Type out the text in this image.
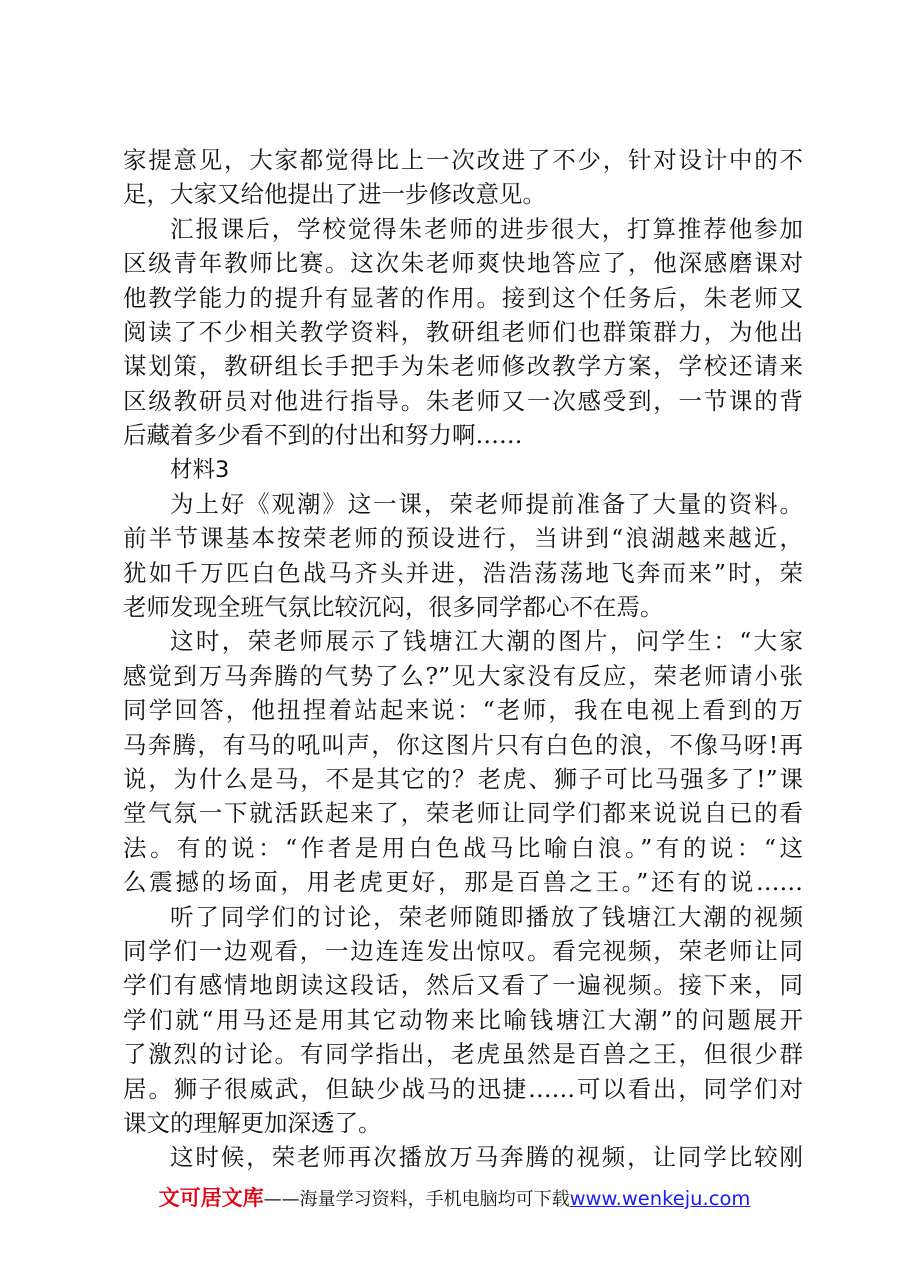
家提意见，大家都觉得比上一次改进了不少，针对设计中的不
足，大家又给他提出了进一步修改意见。
汇报课后，学校觉得朱老师的进步很大，打算推荐他参加
区级青年教师比赛。这次朱老师爽快地答应了，他深感磨课对
他教学能力的提升有显著的作用。接到这个任务后，朱老师又
阅读了不少相关教学资料，教研组老师们也群策群力，为他出
谋划策，教研组长手把手为朱老师修改教学方案，学校还请来
区级教研员对他进行指导。朱老师又一次感受到，一节课的背
后藏着多少看不到的付出和努力啊……
材料3
为上好《观潮》这一课，荣老师提前准备了大量的资料。
前半节课基本按荣老师的预设进行，当讲到“浪湖越来越近，
犹如千万匹白色战马齐头并进，浩浩荡荡地飞奔而来”时，荣
老师发现全班气氛比较沉闷，很多同学都心不在焉。
这时，荣老师展示了钱塘江大潮的图片，问学生：“大家
感觉到万马奔腾的气势了么?”见大家没有反应，荣老师请小张
同学回答，他扭捏着站起来说：“老师，我在电视上看到的万
马奔腾，有马的吼叫声，你这图片只有白色的浪，不像马呀!再
说，为什么是马，不是其它的？老虎、狮子可比马强多了!”课
堂气氛一下就活跃起来了，荣老师让同学们都来说说自已的看
法。有的说：“作者是用白色战马比喻白浪。”有的说：“这
么震撼的场面，用老虎更好，那是百兽之王。”还有的说……
听了同学们的讨论，荣老师随即播放了钱塘江大潮的视频
同学们一边观看，一边连连发出惊叹。看完视频，荣老师让同
学们有感情地朗读这段话，然后又看了一遍视频。接下来，同
学们就“用马还是用其它动物来比喻钱塘江大潮”的问题展开
了激烈的讨论。有同学指出，老虎虽然是百兽之王，但很少群
居。狮子很威武，但缺少战马的迅捷……可以看出，同学们对
课文的理解更加深透了。
这时候，荣老师再次播放万马奔腾的视频，让同学比较刚
文可居文库——海量学习资料，手机电脑均可下载www.wenkeju.com
